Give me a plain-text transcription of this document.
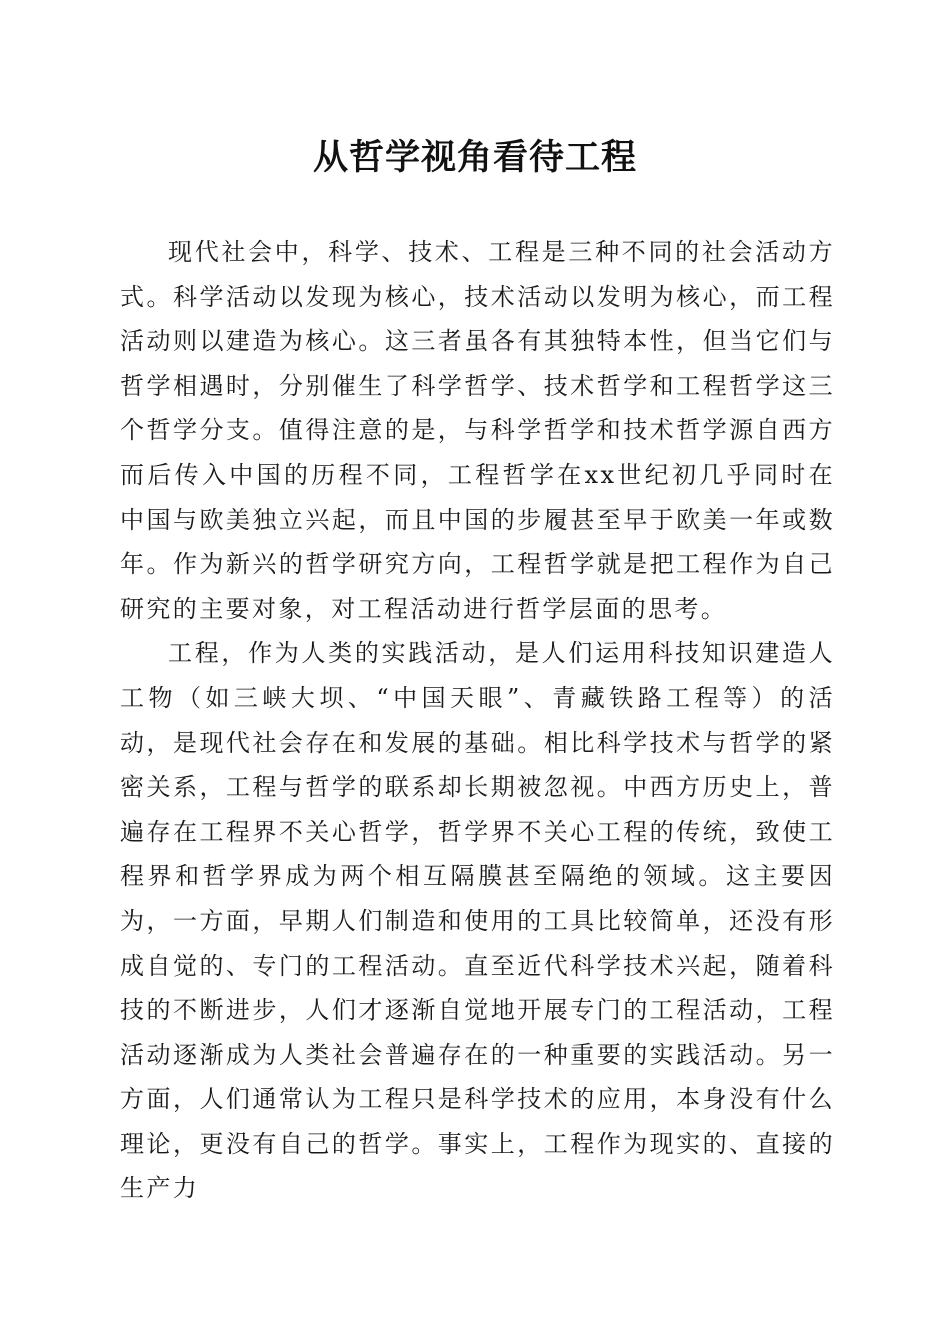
从哲学视角看待工程

现代社会中，科学、技术、工程是三种不同的社会活动方式。科学活动以发现为核心，技术活动以发明为核心，而工程活动则以建造为核心。这三者虽各有其独特本性，但当它们与哲学相遇时，分别催生了科学哲学、技术哲学和工程哲学这三个哲学分支。值得注意的是，与科学哲学和技术哲学源自西方而后传入中国的历程不同，工程哲学在xx世纪初几乎同时在中国与欧美独立兴起，而且中国的步履甚至早于欧美一年或数年。作为新兴的哲学研究方向，工程哲学就是把工程作为自己研究的主要对象，对工程活动进行哲学层面的思考。

工程，作为人类的实践活动，是人们运用科技知识建造人工物（如三峡大坝、“中国天眼”、青藏铁路工程等）的活动，是现代社会存在和发展的基础。相比科学技术与哲学的紧密关系，工程与哲学的联系却长期被忽视。中西方历史上，普遍存在工程界不关心哲学，哲学界不关心工程的传统，致使工程界和哲学界成为两个相互隔膜甚至隔绝的领域。这主要因为，一方面，早期人们制造和使用的工具比较简单，还没有形成自觉的、专门的工程活动。直至近代科学技术兴起，随着科技的不断进步，人们才逐渐自觉地开展专门的工程活动，工程活动逐渐成为人类社会普遍存在的一种重要的实践活动。另一方面，人们通常认为工程只是科学技术的应用，本身没有什么理论，更没有自己的哲学。事实上，工程作为现实的、直接的生产力
